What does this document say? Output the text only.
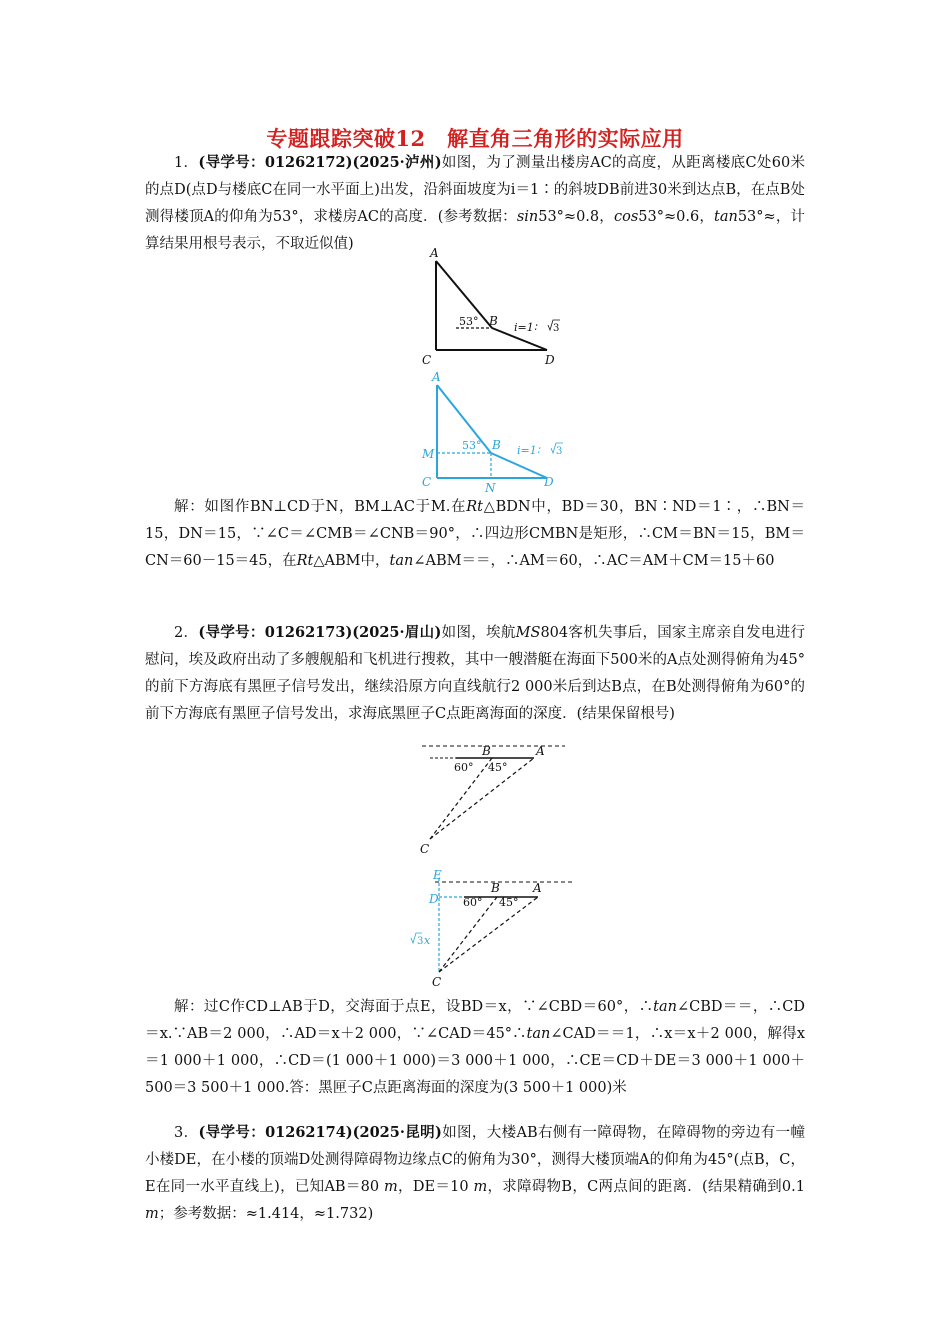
专题跟踪突破12　解直角三角形的实际应用

1．(导学号：01262172)(2025·泸州)如图，为了测量出楼房AC的高度，从距离楼底C处60米的点D(点D与楼底C在同一水平面上)出发，沿斜面坡度为i＝1∶的斜坡DB前进30米到达点B，在点B处测得楼顶A的仰角为53°，求楼房AC的高度．(参考数据：sin53°≈0.8，cos53°≈0.6，tan53°≈，计算结果用根号表示，不取近似值)

A
B
C	D
53°	i=1∶ 3
A
B
M
C	N	D
53°	i=1∶ 3

解：如图作BN⊥CD于N，BM⊥AC于M.在Rt△BDN中，BD＝30，BN∶ND＝1∶，∴BN＝15，DN＝15，∵∠C＝∠CMB＝∠CNB＝90°，∴四边形CMBN是矩形，∴CM＝BN＝15，BM＝CN＝60－15＝45，在Rt△ABM中，tan∠ABM＝＝，∴AM＝60，∴AC＝AM＋CM＝15＋60

2．(导学号：01262173)(2025·眉山)如图，埃航MS804客机失事后，国家主席亲自发电进行慰问，埃及政府出动了多艘舰船和飞机进行搜救，其中一艘潜艇在海面下500米的A点处测得俯角为45°的前下方海底有黑匣子信号发出，继续沿原方向直线航行2 000米后到达B点，在B处测得俯角为60°的前下方海底有黑匣子信号发出，求海底黑匣子C点距离海面的深度．(结果保留根号)

B	A
C
60° 45°
E
D
B	A
C
60° 45°
3 x

解：过C作CD⊥AB于D，交海面于点E，设BD＝x，∵∠CBD＝60°，∴tan∠CBD＝＝，∴CD＝x.∵AB＝2 000，∴AD＝x＋2 000，∵∠CAD＝45°∴tan∠CAD＝＝1，∴x＝x＋2 000，解得x＝1 000＋1 000，∴CD＝(1 000＋1 000)＝3 000＋1 000，∴CE＝CD＋DE＝3 000＋1 000＋500＝3 500＋1 000.答：黑匣子C点距离海面的深度为(3 500＋1 000)米

3．(导学号：01262174)(2025·昆明)如图，大楼AB右侧有一障碍物，在障碍物的旁边有一幢小楼DE，在小楼的顶端D处测得障碍物边缘点C的俯角为30°，测得大楼顶端A的仰角为45°(点B，C，E在同一水平直线上)，已知AB＝80 m，DE＝10 m，求障碍物B，C两点间的距离．(结果精确到0.1 m；参考数据：≈1.414，≈1.732)
